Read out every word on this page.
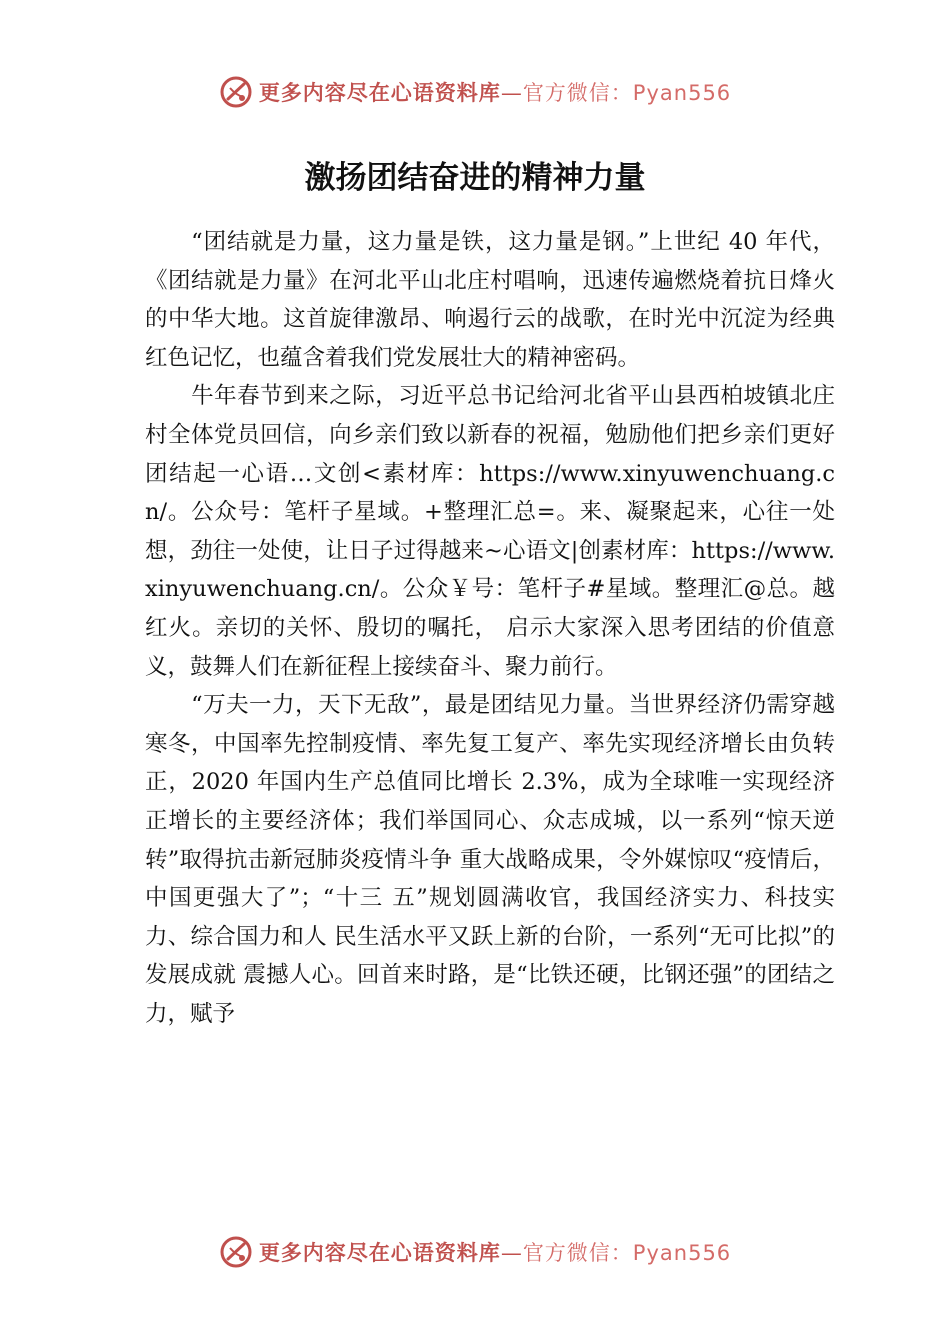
更多内容尽在心语资料库—官方微信：Pyan556
激扬团结奋进的精神力量

“团结就是力量，这力量是铁，这力量是钢。”上世纪 40 年代，《团结就是力量》在河北平山北庄村唱响，迅速传遍燃烧着抗日烽火的中华大地。这首旋律激昂、响遏行云的战歌，在时光中沉淀为经典红色记忆，也蕴含着我们党发展壮大的精神密码。

牛年春节到来之际，习近平总书记给河北省平山县西柏坡镇北庄村全体党员回信，向乡亲们致以新春的祝福，勉励他们把乡亲们更好团结起一心语…文创<素材库：https://www.xinyuwenchuang.cn/。公众号：笔杆子星域。+整理汇总=。来、凝聚起来，心往一处想，劲往一处使，让日子过得越来~心语文|创素材库：https://www.xinyuwenchuang.cn/。公众￥号：笔杆子#星域。整理汇@总。越红火。亲切的关怀、殷切的嘱托， 启示大家深入思考团结的价值意义，鼓舞人们在新征程上接续奋斗、聚力前行。

“万夫一力，天下无敌”，最是团结见力量。当世界经济仍需穿越寒冬，中国率先控制疫情、率先复工复产、率先实现经济增长由负转正，2020 年国内生产总值同比增长 2.3%，成为全球唯一实现经济正增长的主要经济体；我们举国同心、众志成城，以一系列“惊天逆转”取得抗击新冠肺炎疫情斗争 重大战略成果，令外媒惊叹“疫情后，中国更强大了”；“十三 五”规划圆满收官，我国经济实力、科技实力、综合国力和人 民生活水平又跃上新的台阶，一系列“无可比拟”的发展成就 震撼人心。回首来时路，是“比铁还硬，比钢还强”的团结之 力，赋予

更多内容尽在心语资料库—官方微信：Pyan556
